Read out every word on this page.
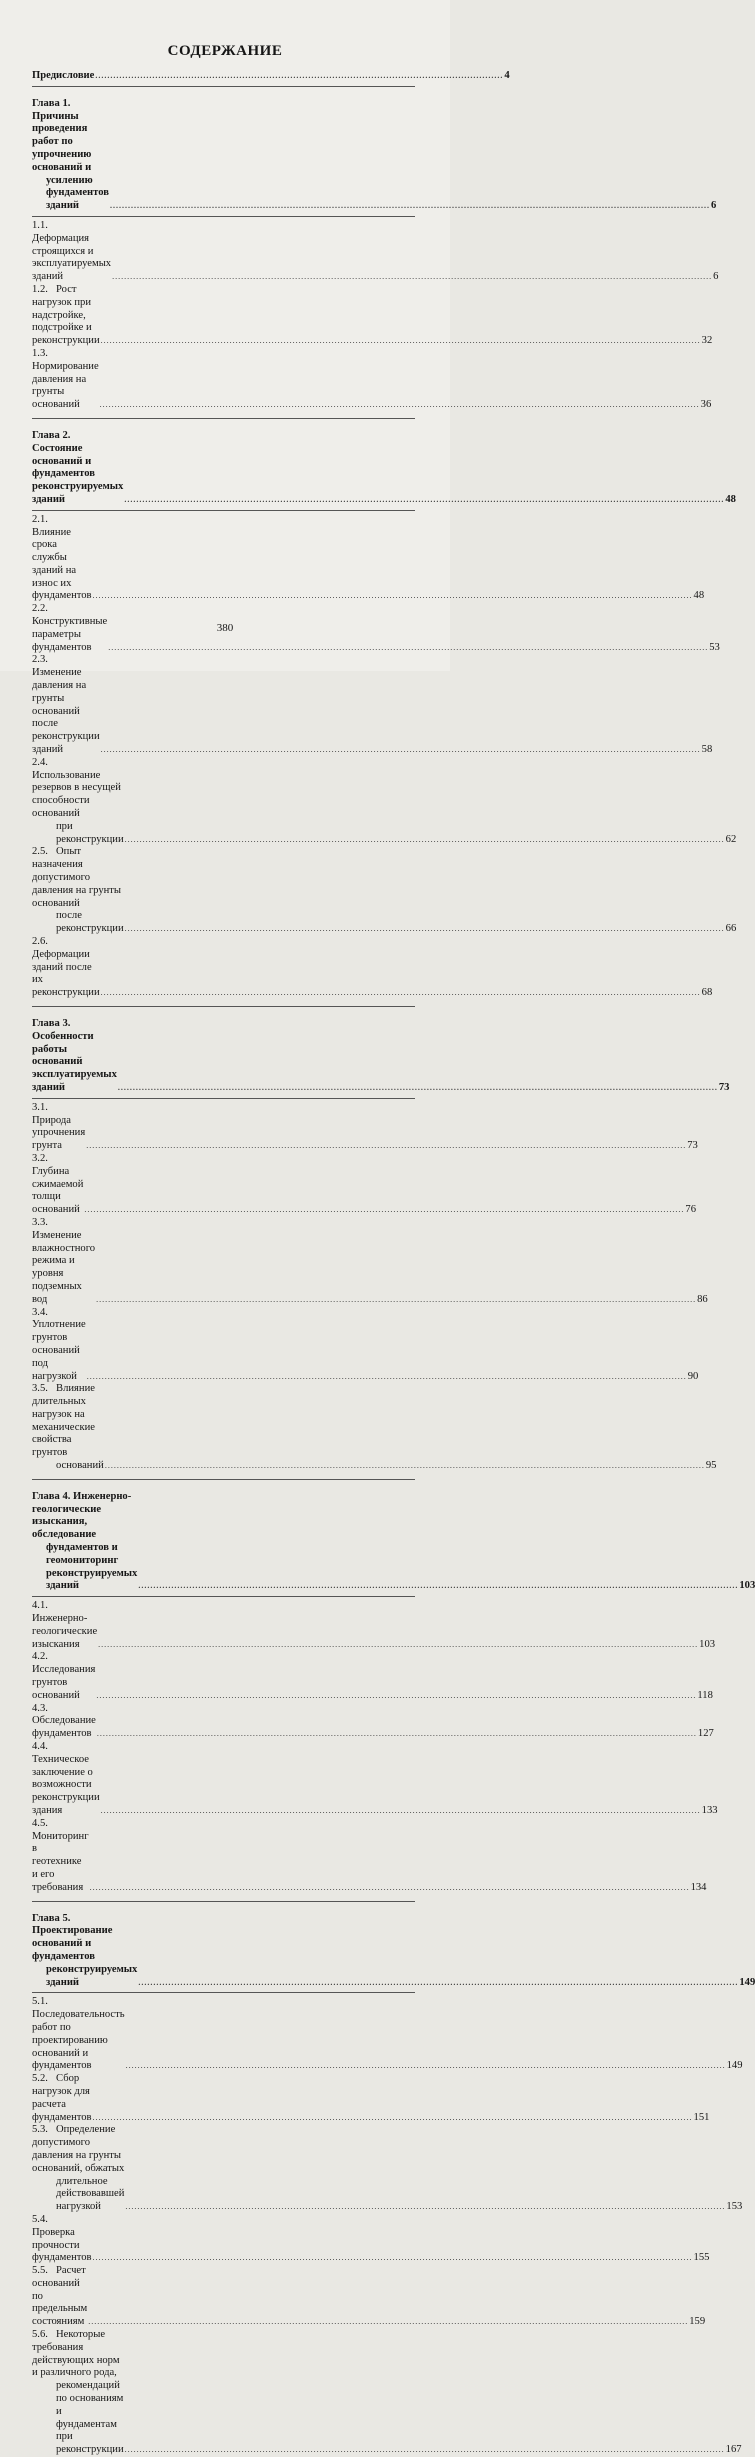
СОДЕРЖАНИЕ
Предисловие ........................................................................................................................................ 4
Глава 1. Причины проведения работ по упрочнению оснований и
усилению фундаментов зданий	........................................................................................................................................................................................................ 6
1.1.Деформация строящихся и эксплуатируемых зданий	........................................................................................................................................................................................................ 6
1.2. Рост нагрузок при надстройке, подстройке и реконструкции ........................................................................................................................................................................................................ 32
1.3.Нормирование давления на грунты оснований	........................................................................................................................................................................................................ 36
Глава 2. Состояние оснований и фундаментов реконструируемых зданий	........................................................................................................................................................................................................ 48
2.1.Влияние срока службы зданий на износ их фундаментов ........................................................................................................................................................................................................ 48
2.2.Конструктивные параметры фундаментов	........................................................................................................................................................................................................ 53
2.3.Изменение давления на грунты оснований после реконструкции зданий	........................................................................................................................................................................................................ 58
2.4.Использование резервов в несущей способности оснований
при реконструкции ........................................................................................................................................................................................................ 62
2.5. Опыт назначения допустимого давления на грунты оснований
после реконструкции ........................................................................................................................................................................................................ 66
2.6.Деформации зданий после их реконструкции ........................................................................................................................................................................................................ 68
Глава 3. Особенности работы оснований эксплуатируемых зданий	........................................................................................................................................................................................................ 73
3.1.Природа упрочнения грунта	........................................................................................................................................................................................................ 73
3.2.Глубина сжимаемой толщи оснований ........................................................................................................................................................................................................ 76
3.3.Изменение влажностного режима и уровня подземных вод	........................................................................................................................................................................................................ 86
3.4.Уплотнение грунтов оснований под нагрузкой	........................................................................................................................................................................................................ 90
3.5. Влияние длительных нагрузок на механические свойства грунтов
оснований ........................................................................................................................................................................................................ 95
Глава 4. Инженерно-геологические изыскания, обследование
фундаментов и геомониторинг реконструируемых зданий	........................................................................................................................................................................................................ 103
4.1.Инженерно-геологические изыскания	........................................................................................................................................................................................................ 103
4.2.Исследования грунтов оснований	........................................................................................................................................................................................................ 118
4.3.Обследование фундаментов ........................................................................................................................................................................................................ 127
4.4.Техническое заключение о возможности реконструкции здания	........................................................................................................................................................................................................ 133
4.5.Мониторинг в геотехнике и его требования ........................................................................................................................................................................................................ 134
Глава 5. Проектирование оснований и фундаментов
реконструируемых зданий	........................................................................................................................................................................................................ 149
5.1.Последовательность работ по проектированию оснований и фундаментов	........................................................................................................................................................................................................ 149
5.2. Сбор нагрузок для расчета фундаментов ........................................................................................................................................................................................................ 151
5.3. Определение допустимого давления на грунты оснований, обжатых
длительное действовавшей нагрузкой	........................................................................................................................................................................................................ 153
5.4.Проверка прочности фундаментов ........................................................................................................................................................................................................ 155
5.5. Расчет оснований по предельным состояниям ........................................................................................................................................................................................................ 159
5.6. Некоторые требования действующих норм и различного рода,
рекомендаций по основаниям и фундаментам при реконструкции ........................................................................................................................................................................................................ 167
380
